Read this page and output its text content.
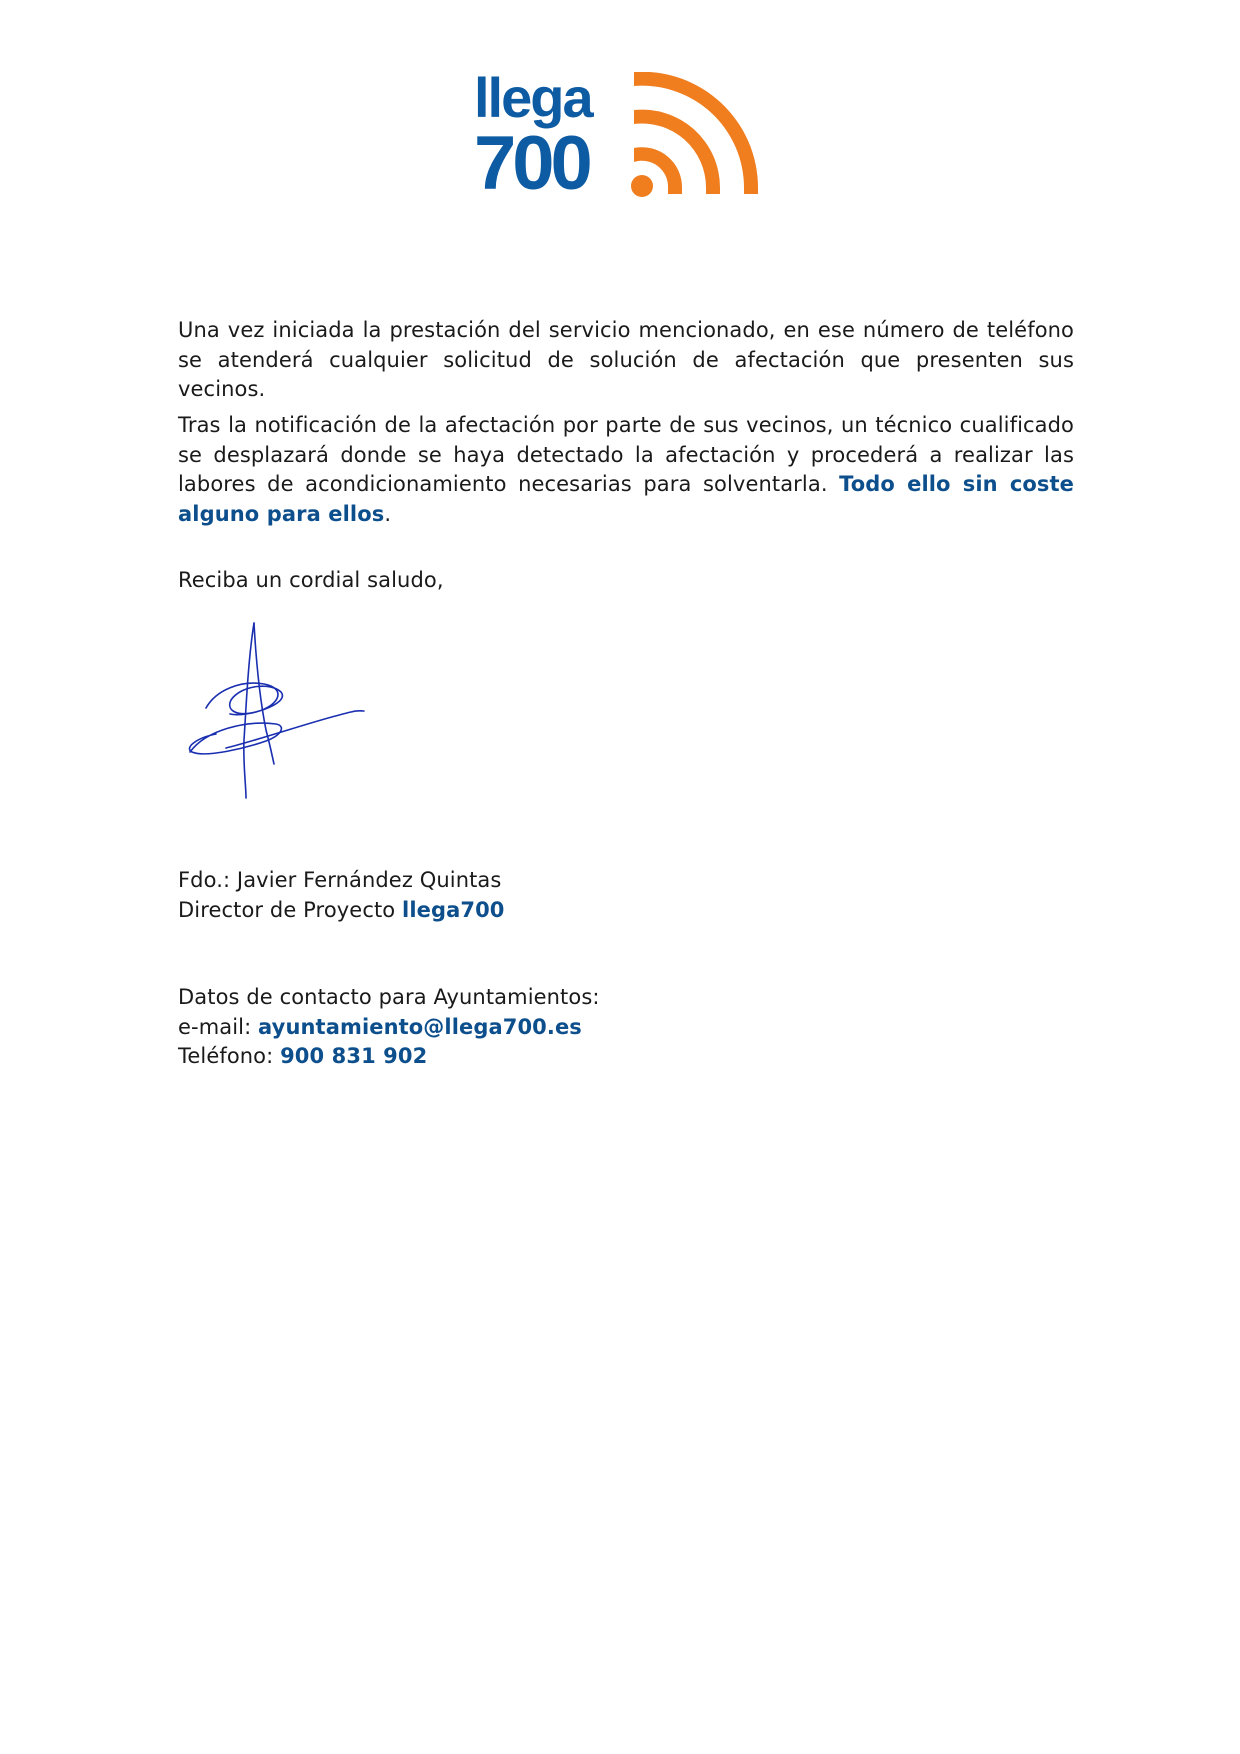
llega
700

Una vez iniciada la prestación del servicio mencionado, en ese número de teléfono se atenderá cualquier solicitud de solución de afectación que presenten sus vecinos.

Tras la notificación de la afectación por parte de sus vecinos, un técnico cualificado se desplazará donde se haya detectado la afectación y procederá a realizar las labores de acondicionamiento necesarias para solventarla. Todo ello sin coste alguno para ellos.

Reciba un cordial saludo,

Fdo.: Javier Fernández Quintas
Director de Proyecto llega700
Datos de contacto para Ayuntamientos:
e-mail: ayuntamiento@llega700.es
Teléfono: 900 831 902
